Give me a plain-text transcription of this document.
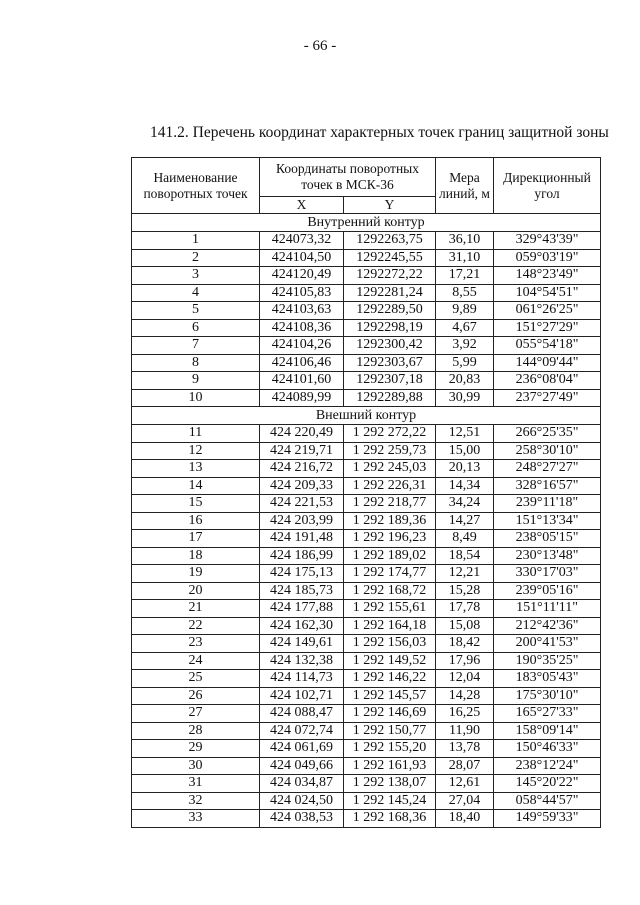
- 66 -
141.2. Перечень координат характерных точек границ защитной зоны
Наименование поворотных точек	Координаты поворотных точек в МСК-36		Мера линий, м	Дирекционный угол
	X	Y		
Внутренний контур				
1	424073,32	1292263,75	36,10	329°43'39"
2	424104,50	1292245,55	31,10	059°03'19"
3	424120,49	1292272,22	17,21	148°23'49"
4	424105,83	1292281,24	8,55	104°54'51"
5	424103,63	1292289,50	9,89	061°26'25"
6	424108,36	1292298,19	4,67	151°27'29"
7	424104,26	1292300,42	3,92	055°54'18"
8	424106,46	1292303,67	5,99	144°09'44"
9	424101,60	1292307,18	20,83	236°08'04"
10	424089,99	1292289,88	30,99	237°27'49"
Внешний контур				
11	424 220,49	1 292 272,22	12,51	266°25'35"
12	424 219,71	1 292 259,73	15,00	258°30'10"
13	424 216,72	1 292 245,03	20,13	248°27'27"
14	424 209,33	1 292 226,31	14,34	328°16'57"
15	424 221,53	1 292 218,77	34,24	239°11'18"
16	424 203,99	1 292 189,36	14,27	151°13'34"
17	424 191,48	1 292 196,23	8,49	238°05'15"
18	424 186,99	1 292 189,02	18,54	230°13'48"
19	424 175,13	1 292 174,77	12,21	330°17'03"
20	424 185,73	1 292 168,72	15,28	239°05'16"
21	424 177,88	1 292 155,61	17,78	151°11'11"
22	424 162,30	1 292 164,18	15,08	212°42'36"
23	424 149,61	1 292 156,03	18,42	200°41'53"
24	424 132,38	1 292 149,52	17,96	190°35'25"
25	424 114,73	1 292 146,22	12,04	183°05'43"
26	424 102,71	1 292 145,57	14,28	175°30'10"
27	424 088,47	1 292 146,69	16,25	165°27'33"
28	424 072,74	1 292 150,77	11,90	158°09'14"
29	424 061,69	1 292 155,20	13,78	150°46'33"
30	424 049,66	1 292 161,93	28,07	238°12'24"
31	424 034,87	1 292 138,07	12,61	145°20'22"
32	424 024,50	1 292 145,24	27,04	058°44'57"
33	424 038,53	1 292 168,36	18,40	149°59'33"
